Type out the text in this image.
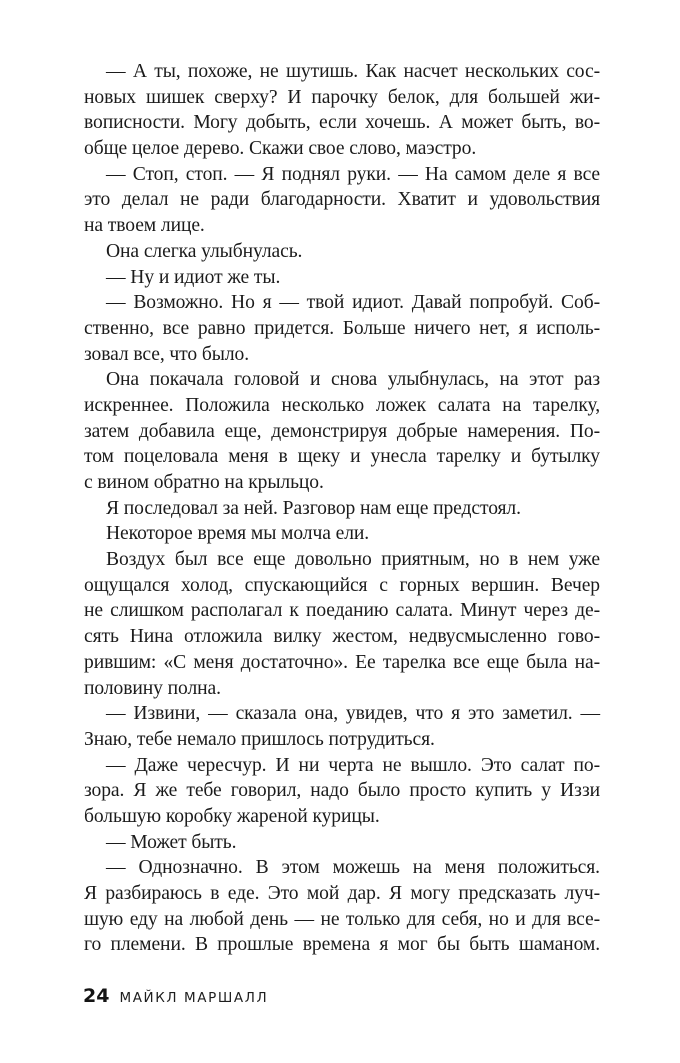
— А ты, похоже, не шутишь. Как насчет нескольких сос-
новых шишек сверху? И парочку белок, для большей жи-
вописности. Могу добыть, если хочешь. А может быть, во-
обще целое дерево. Скажи свое слово, маэстро.
— Стоп, стоп. — Я поднял руки. — На самом деле я все
это делал не ради благодарности. Хватит и удовольствия
на твоем лице.
Она слегка улыбнулась.
— Ну и идиот же ты.
— Возможно. Но я — твой идиот. Давай попробуй. Соб-
ственно, все равно придется. Больше ничего нет, я исполь-
зовал все, что было.
Она покачала головой и снова улыбнулась, на этот раз
искреннее. Положила несколько ложек салата на тарелку,
затем добавила еще, демонстрируя добрые намерения. По-
том поцеловала меня в щеку и унесла тарелку и бутылку
с вином обратно на крыльцо.
Я последовал за ней. Разговор нам еще предстоял.
Некоторое время мы молча ели.
Воздух был все еще довольно приятным, но в нем уже
ощущался холод, спускающийся с горных вершин. Вечер
не слишком располагал к поеданию салата. Минут через де-
сять Нина отложила вилку жестом, недвусмысленно гово-
рившим: «С меня достаточно». Ее тарелка все еще была на-
половину полна.
— Извини, — сказала она, увидев, что я это заметил. —
Знаю, тебе немало пришлось потрудиться.
— Даже чересчур. И ни черта не вышло. Это салат по-
зора. Я же тебе говорил, надо было просто купить у Иззи
большую коробку жареной курицы.
— Может быть.
— Однозначно. В этом можешь на меня положиться.
Я разбираюсь в еде. Это мой дар. Я могу предсказать луч-
шую еду на любой день — не только для себя, но и для все-
го племени. В прошлые времена я мог бы быть шаманом.
24 МАЙКЛ МАРШАЛЛ
